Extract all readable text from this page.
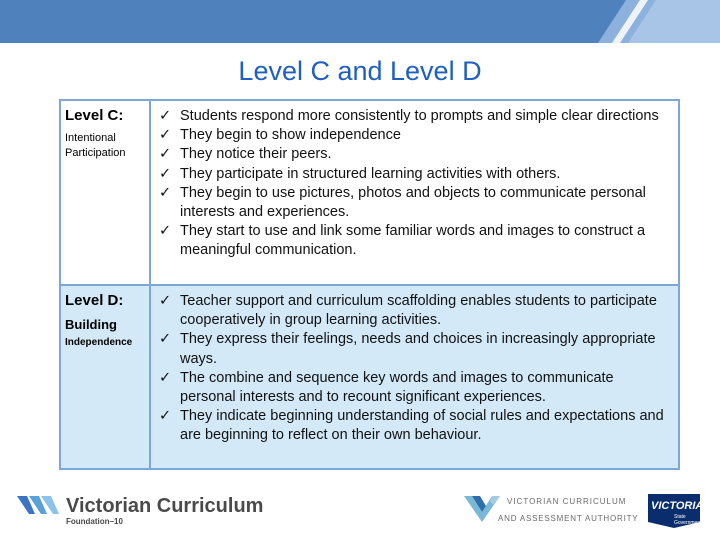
Level C and Level D
Level C:
Intentional Participation
✓ Students respond more consistently to prompts and simple clear directions
✓ They begin to show independence
✓ They notice their peers.
✓ They participate in structured learning activities with others.
✓ They begin to use pictures, photos and objects to communicate personal interests and experiences.
✓ They start to use and link some familiar words and images to construct a meaningful communication.
Level D:
Building
Independence
✓ Teacher support and curriculum scaffolding enables students to participate cooperatively in group learning activities.
✓ They express their feelings, needs and choices in increasingly appropriate ways.
✓ The combine and sequence key words and images to communicate personal interests and to recount significant experiences.
✓ They indicate beginning understanding of social rules and expectations and are beginning to reflect on their own behaviour.
Victorian Curriculum
Foundation–10
VICTORIAN CURRICULUM
AND ASSESSMENT AUTHORITY
VICTORIA
State
Government
